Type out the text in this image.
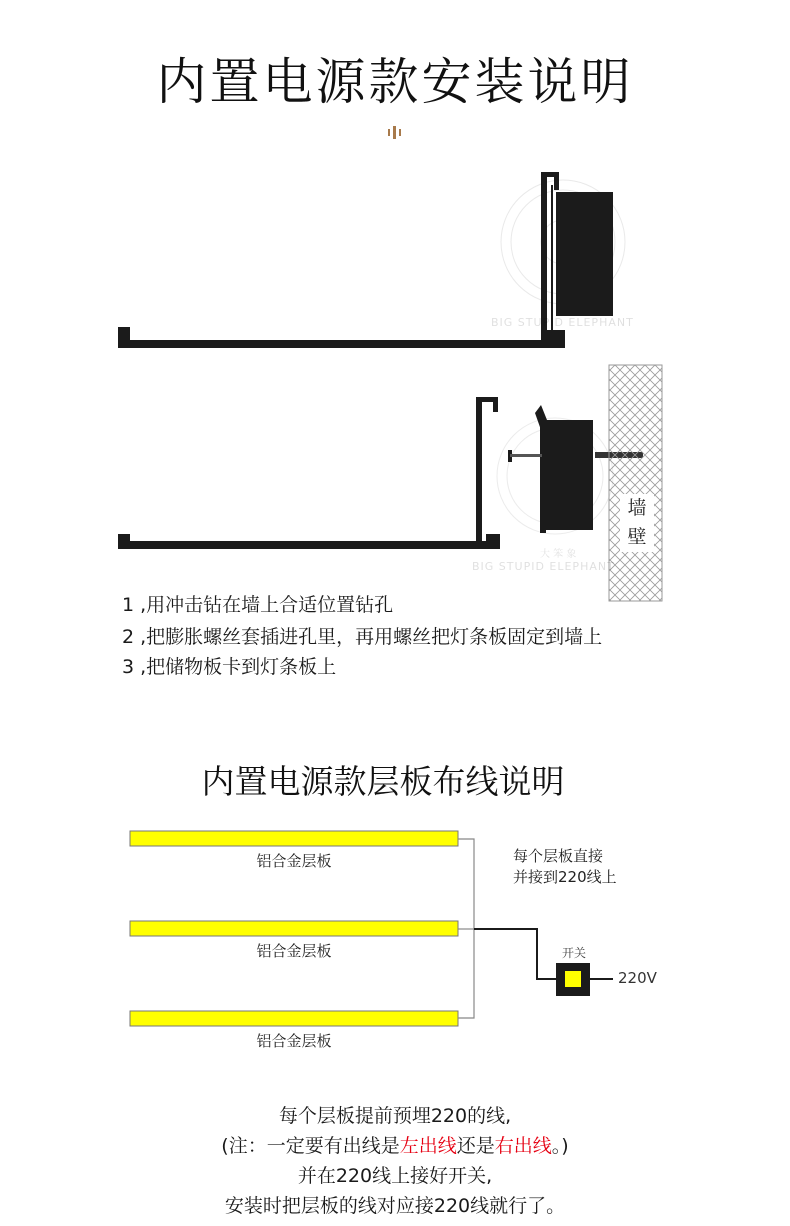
内置电源款安装说明
内置电源款层板布线说明
墙壁
1 ,用冲击钻在墙上合适位置钻孔
2 ,把膨胀螺丝套插进孔里，再用螺丝把灯条板固定到墙上
3 ,把储物板卡到灯条板上
铝合金层板
铝合金层板
铝合金层板
每个层板直接
并接到220线上
开关
220V
每个层板提前预埋220的线,
(注：一定要有出线是左出线还是右出线。)
并在220线上接好开关,
安装时把层板的线对应接220线就行了。
BIG STUPID ELEPHANT
BIG STUPID ELEPHANT
大 笨 象
